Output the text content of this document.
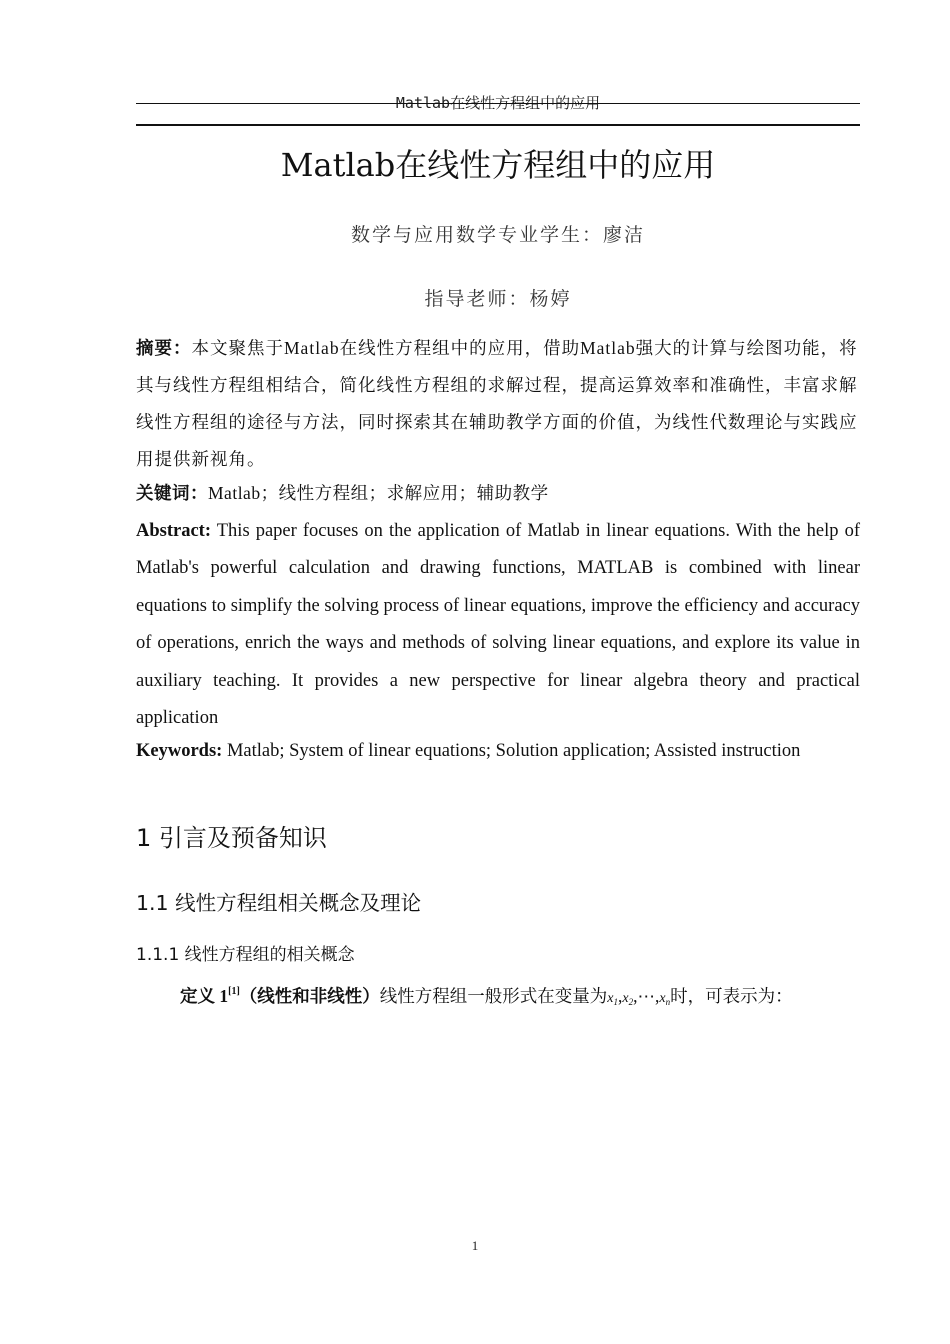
Matlab在线性方程组中的应用
Matlab在线性方程组中的应用
数学与应用数学专业学生：廖洁
指导老师：杨婷
摘要：本文聚焦于Matlab在线性方程组中的应用，借助Matlab强大的计算与绘图功能，将其与线性方程组相结合，简化线性方程组的求解过程，提高运算效率和准确性，丰富求解线性方程组的途径与方法，同时探索其在辅助教学方面的价值，为线性代数理论与实践应用提供新视角。
关键词：Matlab；线性方程组；求解应用；辅助教学
Abstract: This paper focuses on the application of Matlab in linear equations. With the help of Matlab's powerful calculation and drawing functions, MATLAB is combined with linear equations to simplify the solving process of linear equations, improve the efficiency and accuracy of operations, enrich the ways and methods of solving linear equations, and explore its value in auxiliary teaching. It provides a new perspective for linear algebra theory and practical application
Keywords: Matlab; System of linear equations; Solution application; Assisted instruction
1 引言及预备知识
1.1 线性方程组相关概念及理论
1.1.1 线性方程组的相关概念
定义 1[1]（线性和非线性）线性方程组一般形式在变量为$x_1,x_2,\cdots,x_n$时，可表示为：
1
